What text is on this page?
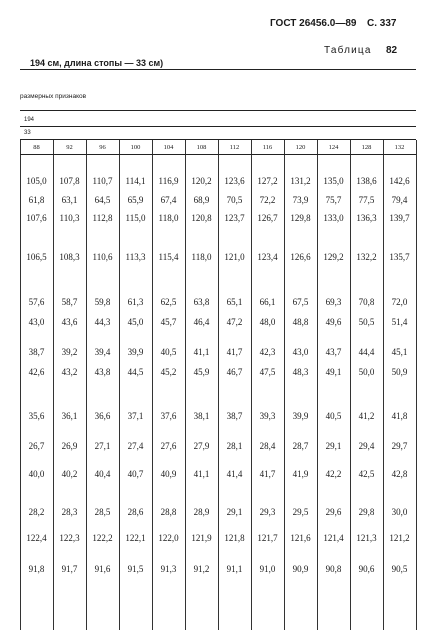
ГОСТ 26456.0—89 С. 337
Таблица 82
194 см, длина стопы — 33 см)
размерных признаков
194
33
88	92	96	100	104	108	112	116	120	124	128	132
105,0	107,8	110,7	114,1	116,9	120,2	123,6	127,2	131,2	135,0	138,6	142,6
61,8	63,1	64,5	65,9	67,4	68,9	70,5	72,2	73,9	75,7	77,5	79,4
107,6	110,3	112,8	115,0	118,0	120,8	123,7	126,7	129,8	133,0	136,3	139,7
106,5	108,3	110,6	113,3	115,4	118,0	121,0	123,4	126,6	129,2	132,2	135,7
57,6	58,7	59,8	61,3	62,5	63,8	65,1	66,1	67,5	69,3	70,8	72,0
43,0	43,6	44,3	45,0	45,7	46,4	47,2	48,0	48,8	49,6	50,5	51,4
38,7	39,2	39,4	39,9	40,5	41,1	41,7	42,3	43,0	43,7	44,4	45,1
42,6	43,2	43,8	44,5	45,2	45,9	46,7	47,5	48,3	49,1	50,0	50,9
35,6	36,1	36,6	37,1	37,6	38,1	38,7	39,3	39,9	40,5	41,2	41,8
26,7	26,9	27,1	27,4	27,6	27,9	28,1	28,4	28,7	29,1	29,4	29,7
40,0	40,2	40,4	40,7	40,9	41,1	41,4	41,7	41,9	42,2	42,5	42,8
28,2	28,3	28,5	28,6	28,8	28,9	29,1	29,3	29,5	29,6	29,8	30,0
122,4	122,3	122,2	122,1	122,0	121,9	121,8	121,7	121,6	121,4	121,3	121,2
91,8	91,7	91,6	91,5	91,3	91,2	91,1	91,0	90,9	90,8	90,6	90,5
